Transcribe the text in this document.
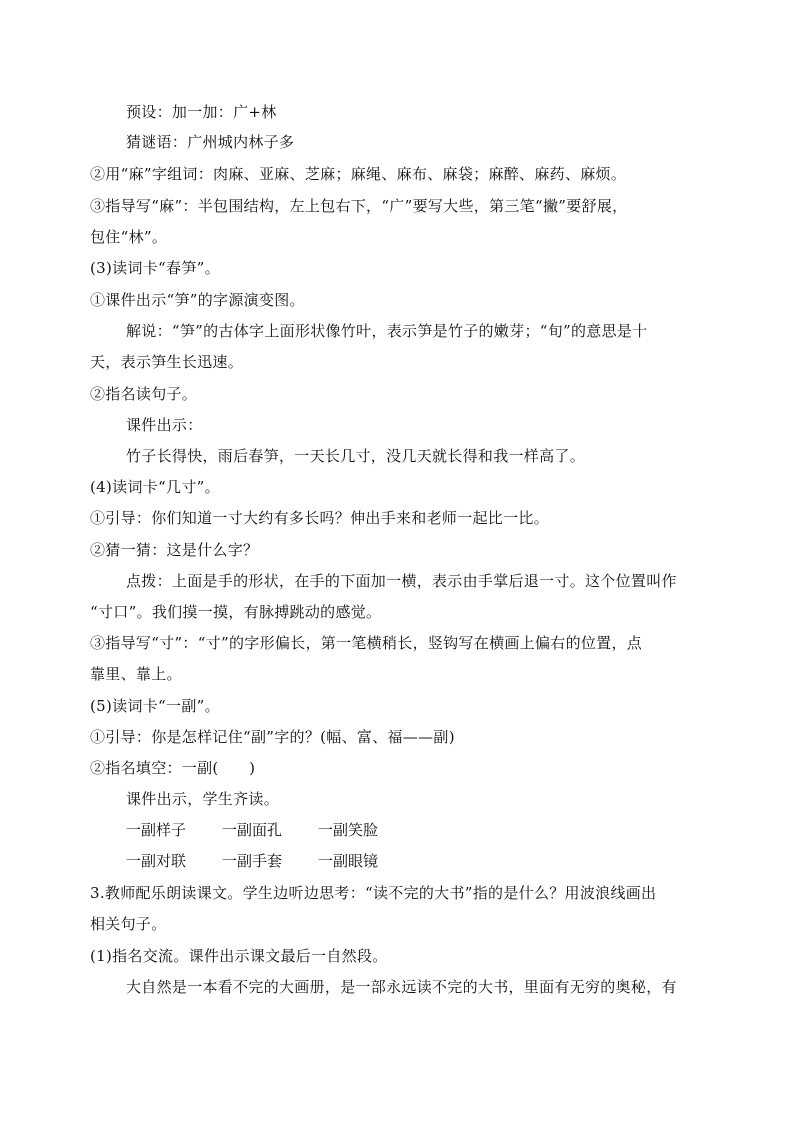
预设：加一加：广+林
猜谜语：广州城内林子多
②用“麻”字组词：肉麻、亚麻、芝麻；麻绳、麻布、麻袋；麻醉、麻药、麻烦。
③指导写“麻”：半包围结构，左上包右下，“广”要写大些，第三笔“撇”要舒展，
包住“林”。
(3)读词卡“春笋”。
①课件出示“笋”的字源演变图。
解说：“笋”的古体字上面形状像竹叶，表示笋是竹子的嫩芽；“旬”的意思是十
天，表示笋生长迅速。
②指名读句子。
课件出示：
竹子长得快，雨后春笋，一天长几寸，没几天就长得和我一样高了。
(4)读词卡“几寸”。
①引导：你们知道一寸大约有多长吗？伸出手来和老师一起比一比。
②猜一猜：这是什么字？
点拨：上面是手的形状，在手的下面加一横，表示由手掌后退一寸。这个位置叫作
“寸口”。我们摸一摸，有脉搏跳动的感觉。
③指导写“寸”：“寸”的字形偏长，第一笔横稍长，竖钩写在横画上偏右的位置，点
靠里、靠上。
(5)读词卡“一副”。
①引导：你是怎样记住“副”字的？(幅、富、福——副)
②指名填空：一副(　　)
课件出示，学生齐读。
一副样子 一副面孔 一副笑脸
一副对联 一副手套 一副眼镜
3.教师配乐朗读课文。学生边听边思考：“读不完的大书”指的是什么？用波浪线画出
相关句子。
(1)指名交流。课件出示课文最后一自然段。
大自然是一本看不完的大画册，是一部永远读不完的大书，里面有无穷的奥秘，有
